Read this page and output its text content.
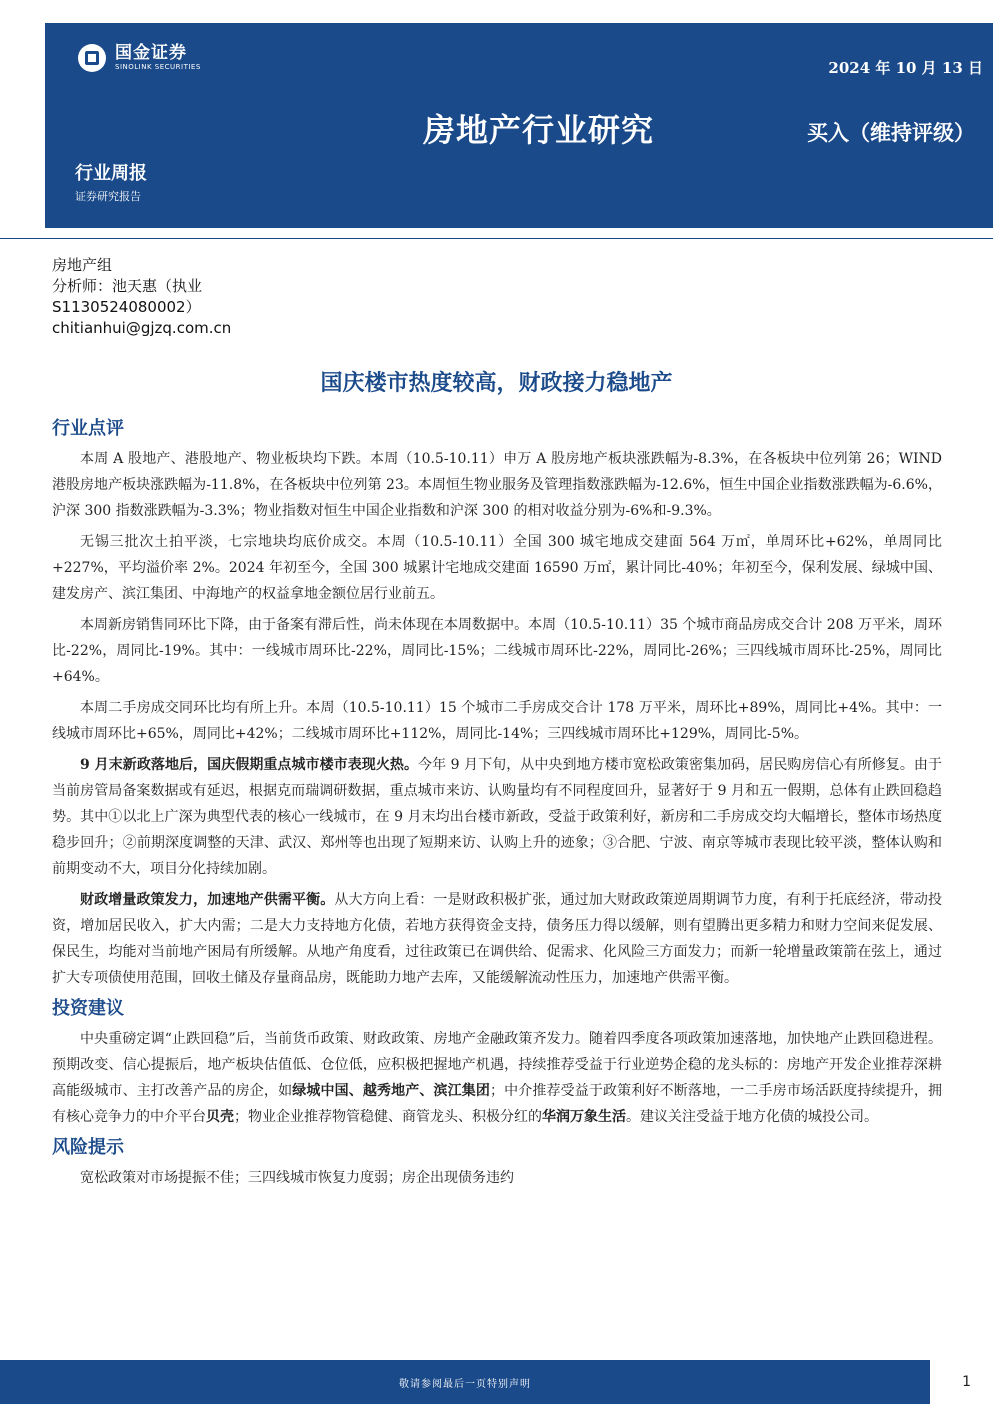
国金证券
SINOLINK SECURITIES	2024 年 10 月 13 日
房地产行业研究	买入（维持评级）
行业周报
证券研究报告
房地产组
分析师：池天惠（执业
S1130524080002）
chitianhui@gjzq.com.cn
国庆楼市热度较高，财政接力稳地产
行业点评

本周 A 股地产、港股地产、物业板块均下跌。本周（10.5-10.11）申万 A 股房地产板块涨跌幅为-8.3%，在各板块中位列第 26；WIND 港股房地产板块涨跌幅为-11.8%，在各板块中位列第 23。本周恒生物业服务及管理指数涨跌幅为-12.6%，恒生中国企业指数涨跌幅为-6.6%，沪深 300 指数涨跌幅为-3.3%；物业指数对恒生中国企业指数和沪深 300 的相对收益分别为-6%和-9.3%。

无锡三批次土拍平淡，七宗地块均底价成交。本周（10.5-10.11）全国 300 城宅地成交建面 564 万㎡，单周环比+62%，单周同比+227%，平均溢价率 2%。2024 年初至今，全国 300 城累计宅地成交建面 16590 万㎡，累计同比-40%；年初至今，保利发展、绿城中国、建发房产、滨江集团、中海地产的权益拿地金额位居行业前五。

本周新房销售同环比下降，由于备案有滞后性，尚未体现在本周数据中。本周（10.5-10.11）35 个城市商品房成交合计 208 万平米，周环比-22%，周同比-19%。其中：一线城市周环比-22%，周同比-15%；二线城市周环比-22%，周同比-26%；三四线城市周环比-25%，周同比+64%。

本周二手房成交同环比均有所上升。本周（10.5-10.11）15 个城市二手房成交合计 178 万平米，周环比+89%，周同比+4%。其中：一线城市周环比+65%，周同比+42%；二线城市周环比+112%，周同比-14%；三四线城市周环比+129%，周同比-5%。

9 月末新政落地后，国庆假期重点城市楼市表现火热。今年 9 月下旬，从中央到地方楼市宽松政策密集加码，居民购房信心有所修复。由于当前房管局备案数据或有延迟，根据克而瑞调研数据，重点城市来访、认购量均有不同程度回升，显著好于 9 月和五一假期，总体有止跌回稳趋势。其中①以北上广深为典型代表的核心一线城市，在 9 月末均出台楼市新政，受益于政策利好，新房和二手房成交均大幅增长，整体市场热度稳步回升；②前期深度调整的天津、武汉、郑州等也出现了短期来访、认购上升的迹象；③合肥、宁波、南京等城市表现比较平淡，整体认购和前期变动不大，项目分化持续加剧。

财政增量政策发力，加速地产供需平衡。从大方向上看：一是财政积极扩张，通过加大财政政策逆周期调节力度，有利于托底经济，带动投资，增加居民收入，扩大内需；二是大力支持地方化债，若地方获得资金支持，债务压力得以缓解，则有望腾出更多精力和财力空间来促发展、保民生，均能对当前地产困局有所缓解。从地产角度看，过往政策已在调供给、促需求、化风险三方面发力；而新一轮增量政策箭在弦上，通过扩大专项债使用范围，回收土储及存量商品房，既能助力地产去库，又能缓解流动性压力，加速地产供需平衡。

投资建议

中央重磅定调“止跌回稳”后，当前货币政策、财政政策、房地产金融政策齐发力。随着四季度各项政策加速落地，加快地产止跌回稳进程。预期改变、信心提振后，地产板块估值低、仓位低，应积极把握地产机遇，持续推荐受益于行业逆势企稳的龙头标的：房地产开发企业推荐深耕高能级城市、主打改善产品的房企，如绿城中国、越秀地产、滨江集团；中介推荐受益于政策利好不断落地，一二手房市场活跃度持续提升，拥有核心竞争力的中介平台贝壳；物业企业推荐物管稳健、商管龙头、积极分红的华润万象生活。建议关注受益于地方化债的城投公司。

风险提示

宽松政策对市场提振不佳；三四线城市恢复力度弱；房企出现债务违约

敬请参阅最后一页特别声明	1
